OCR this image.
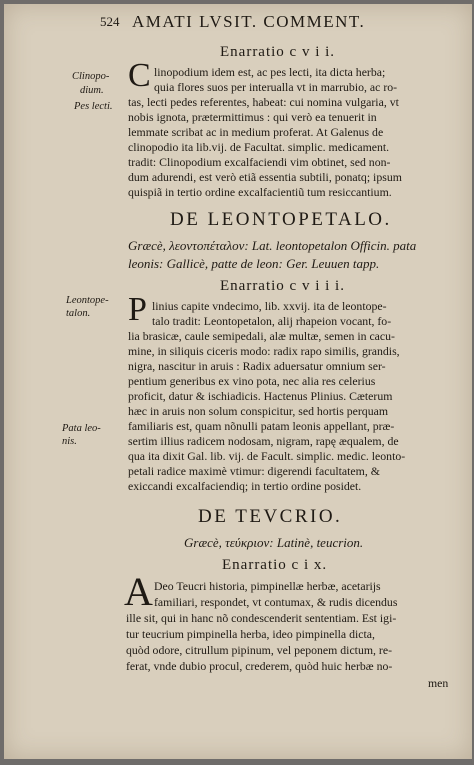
524 AMATI LVSIT. COMMENT.
Clinopo-
dium.
Pes lecti.
Leontope-
talon.
Pata leo-
nis.
Enarratio c v i i.
C linopodium idem est, ac pes lecti, ita dicta herba;
quia flores suos per interualla vt in marrubio, ac ro-
tas, lecti pedes referentes, habeat: cui nomina vulgaria, vt
nobis ignota, prætermittimus : qui verò ea tenuerit in
lemmate scribat ac in medium proferat. At Galenus de
clinopodio ita lib.vij. de Facultat. simplic. medicament.
tradit: Clinopodium excalfaciendi vim obtinet, sed non-
dum adurendi, est verò etiã essentia subtili, ponatq; ipsum
quispiã in tertio ordine excalfacientiũ tum resiccantium.
DE LEONTOPETALO.
Græcè, λεοντοπέταλον: Lat. leontopetalon Officin. pata
leonis: Gallicè, patte de leon: Ger. Leuuen tapp.
Enarratio c v i i i.
P linius capite vndecimo, lib. xxvij. ita de leontope-
talo tradit: Leontopetalon, alij rhapeion vocant, fo-
lia brasicæ, caule semipedali, alæ multæ, semen in cacu-
mine, in siliquis ciceris modo: radix rapo similis, grandis,
nigra, nascitur in aruis : Radix aduersatur omnium ser-
pentium generibus ex vino pota, nec alia res celerius
proficit, datur & ischiadicis. Hactenus Plinius. Cæterum
hæc in aruis non solum conspicitur, sed hortis perquam
familiaris est, quam nõnulli patam leonis appellant, præ-
sertim illius radicem nodosam, nigram, rapę æqualem, de
qua ita dixit Gal. lib. vij. de Facult. simplic. medic. leonto-
petali radice maximè vtimur: digerendi facultatem, &
exiccandi excalfaciendiq; in tertio ordine posidet.
DE TEVCRIO.
Græcè, τεύκριον: Latinè, teucrion.
Enarratio c i x.
A Deo Teucri historia, pimpinellæ herbæ, acetarijs
familiari, respondet, vt contumax, & rudis dicendus
ille sit, qui in hanc nõ condescenderit sententiam. Est igi-
tur teucrium pimpinella herba, ideo pimpinella dicta,
quòd odore, citrullum pipinum, vel peponem dictum, re-
ferat, vnde dubio procul, crederem, quòd huic herbæ no-
men
